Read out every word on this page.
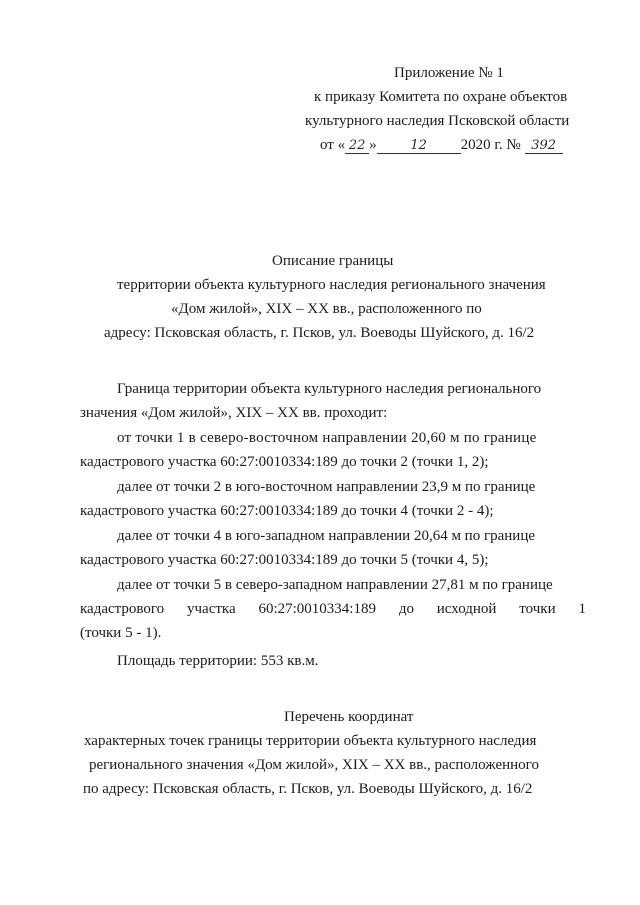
Приложение № 1
к приказу Комитета по охране объектов
культурного наследия Псковской области
от « 22 »	12 2020 г. № 392
Описание границы
территории объекта культурного наследия регионального значения
«Дом жилой», XIX – XX вв., расположенного по
адресу: Псковская область, г. Псков, ул. Воеводы Шуйского, д. 16/2
Граница территории объекта культурного наследия регионального
значения «Дом жилой», XIX – XX вв. проходит:
от точки 1 в северо-восточном направлении 20,60 м по границе
кадастрового участка 60:27:0010334:189 до точки 2 (точки 1, 2);
далее от точки 2 в юго-восточном направлении 23,9 м по границе
кадастрового участка 60:27:0010334:189 до точки 4 (точки 2 - 4);
далее от точки 4 в юго-западном направлении 20,64 м по границе
кадастрового участка 60:27:0010334:189 до точки 5 (точки 4, 5);
далее от точки 5 в северо-западном направлении 27,81 м по границе
кадастрового участка 60:27:0010334:189 до исходной точки 1
(точки 5 - 1).
Площадь территории: 553 кв.м.
Перечень координат
характерных точек границы территории объекта культурного наследия
регионального значения «Дом жилой», XIX – XX вв., расположенного
по адресу: Псковская область, г. Псков, ул. Воеводы Шуйского, д. 16/2
